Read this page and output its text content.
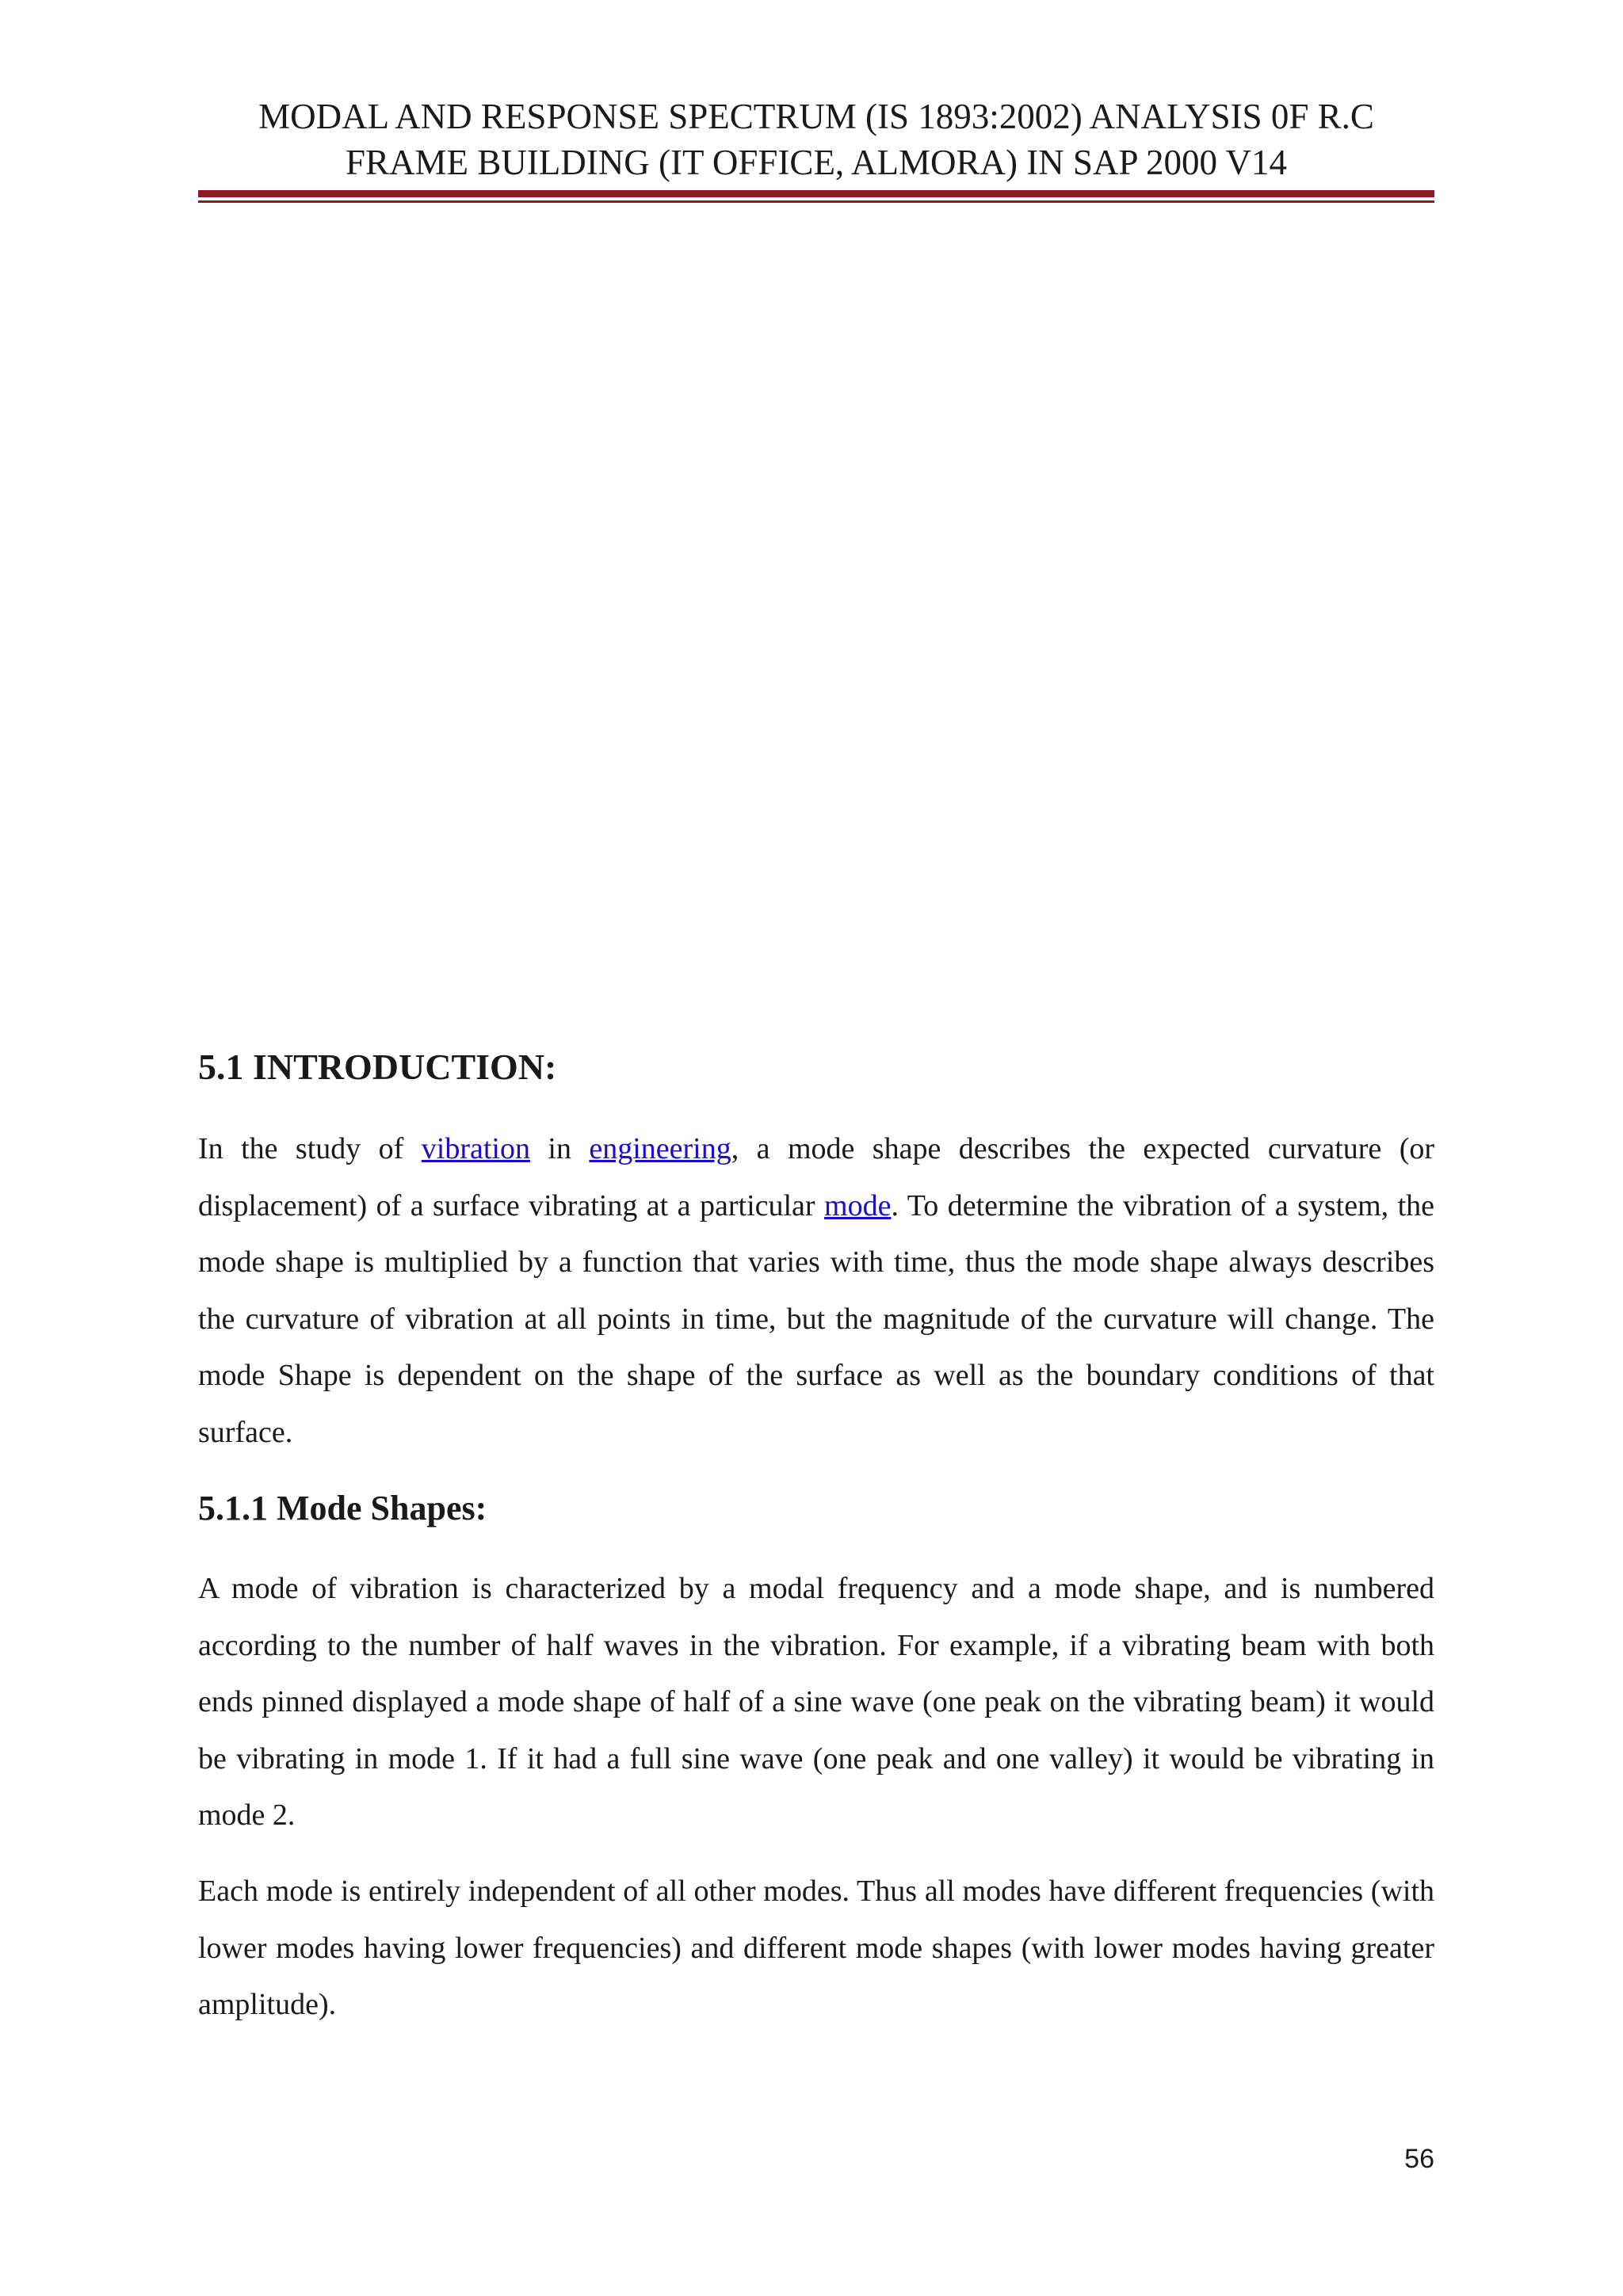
MODAL AND RESPONSE SPECTRUM (IS 1893:2002) ANALYSIS 0F R.C
FRAME BUILDING (IT OFFICE, ALMORA) IN SAP 2000 V14
5.1 INTRODUCTION:

In the study of vibration in engineering, a mode shape describes the expected curvature (or displacement) of a surface vibrating at a particular mode. To determine the vibration of a system, the mode shape is multiplied by a function that varies with time, thus the mode shape always describes the curvature of vibration at all points in time, but the magnitude of the curvature will change. The mode Shape is dependent on the shape of the surface as well as the boundary conditions of that surface.

5.1.1 Mode Shapes:

A mode of vibration is characterized by a modal frequency and a mode shape, and is numbered according to the number of half waves in the vibration. For example, if a vibrating beam with both ends pinned displayed a mode shape of half of a sine wave (one peak on the vibrating beam) it would be vibrating in mode 1. If it had a full sine wave (one peak and one valley) it would be vibrating in mode 2.

Each mode is entirely independent of all other modes. Thus all modes have different frequencies (with lower modes having lower frequencies) and different mode shapes (with lower modes having greater amplitude).

56
